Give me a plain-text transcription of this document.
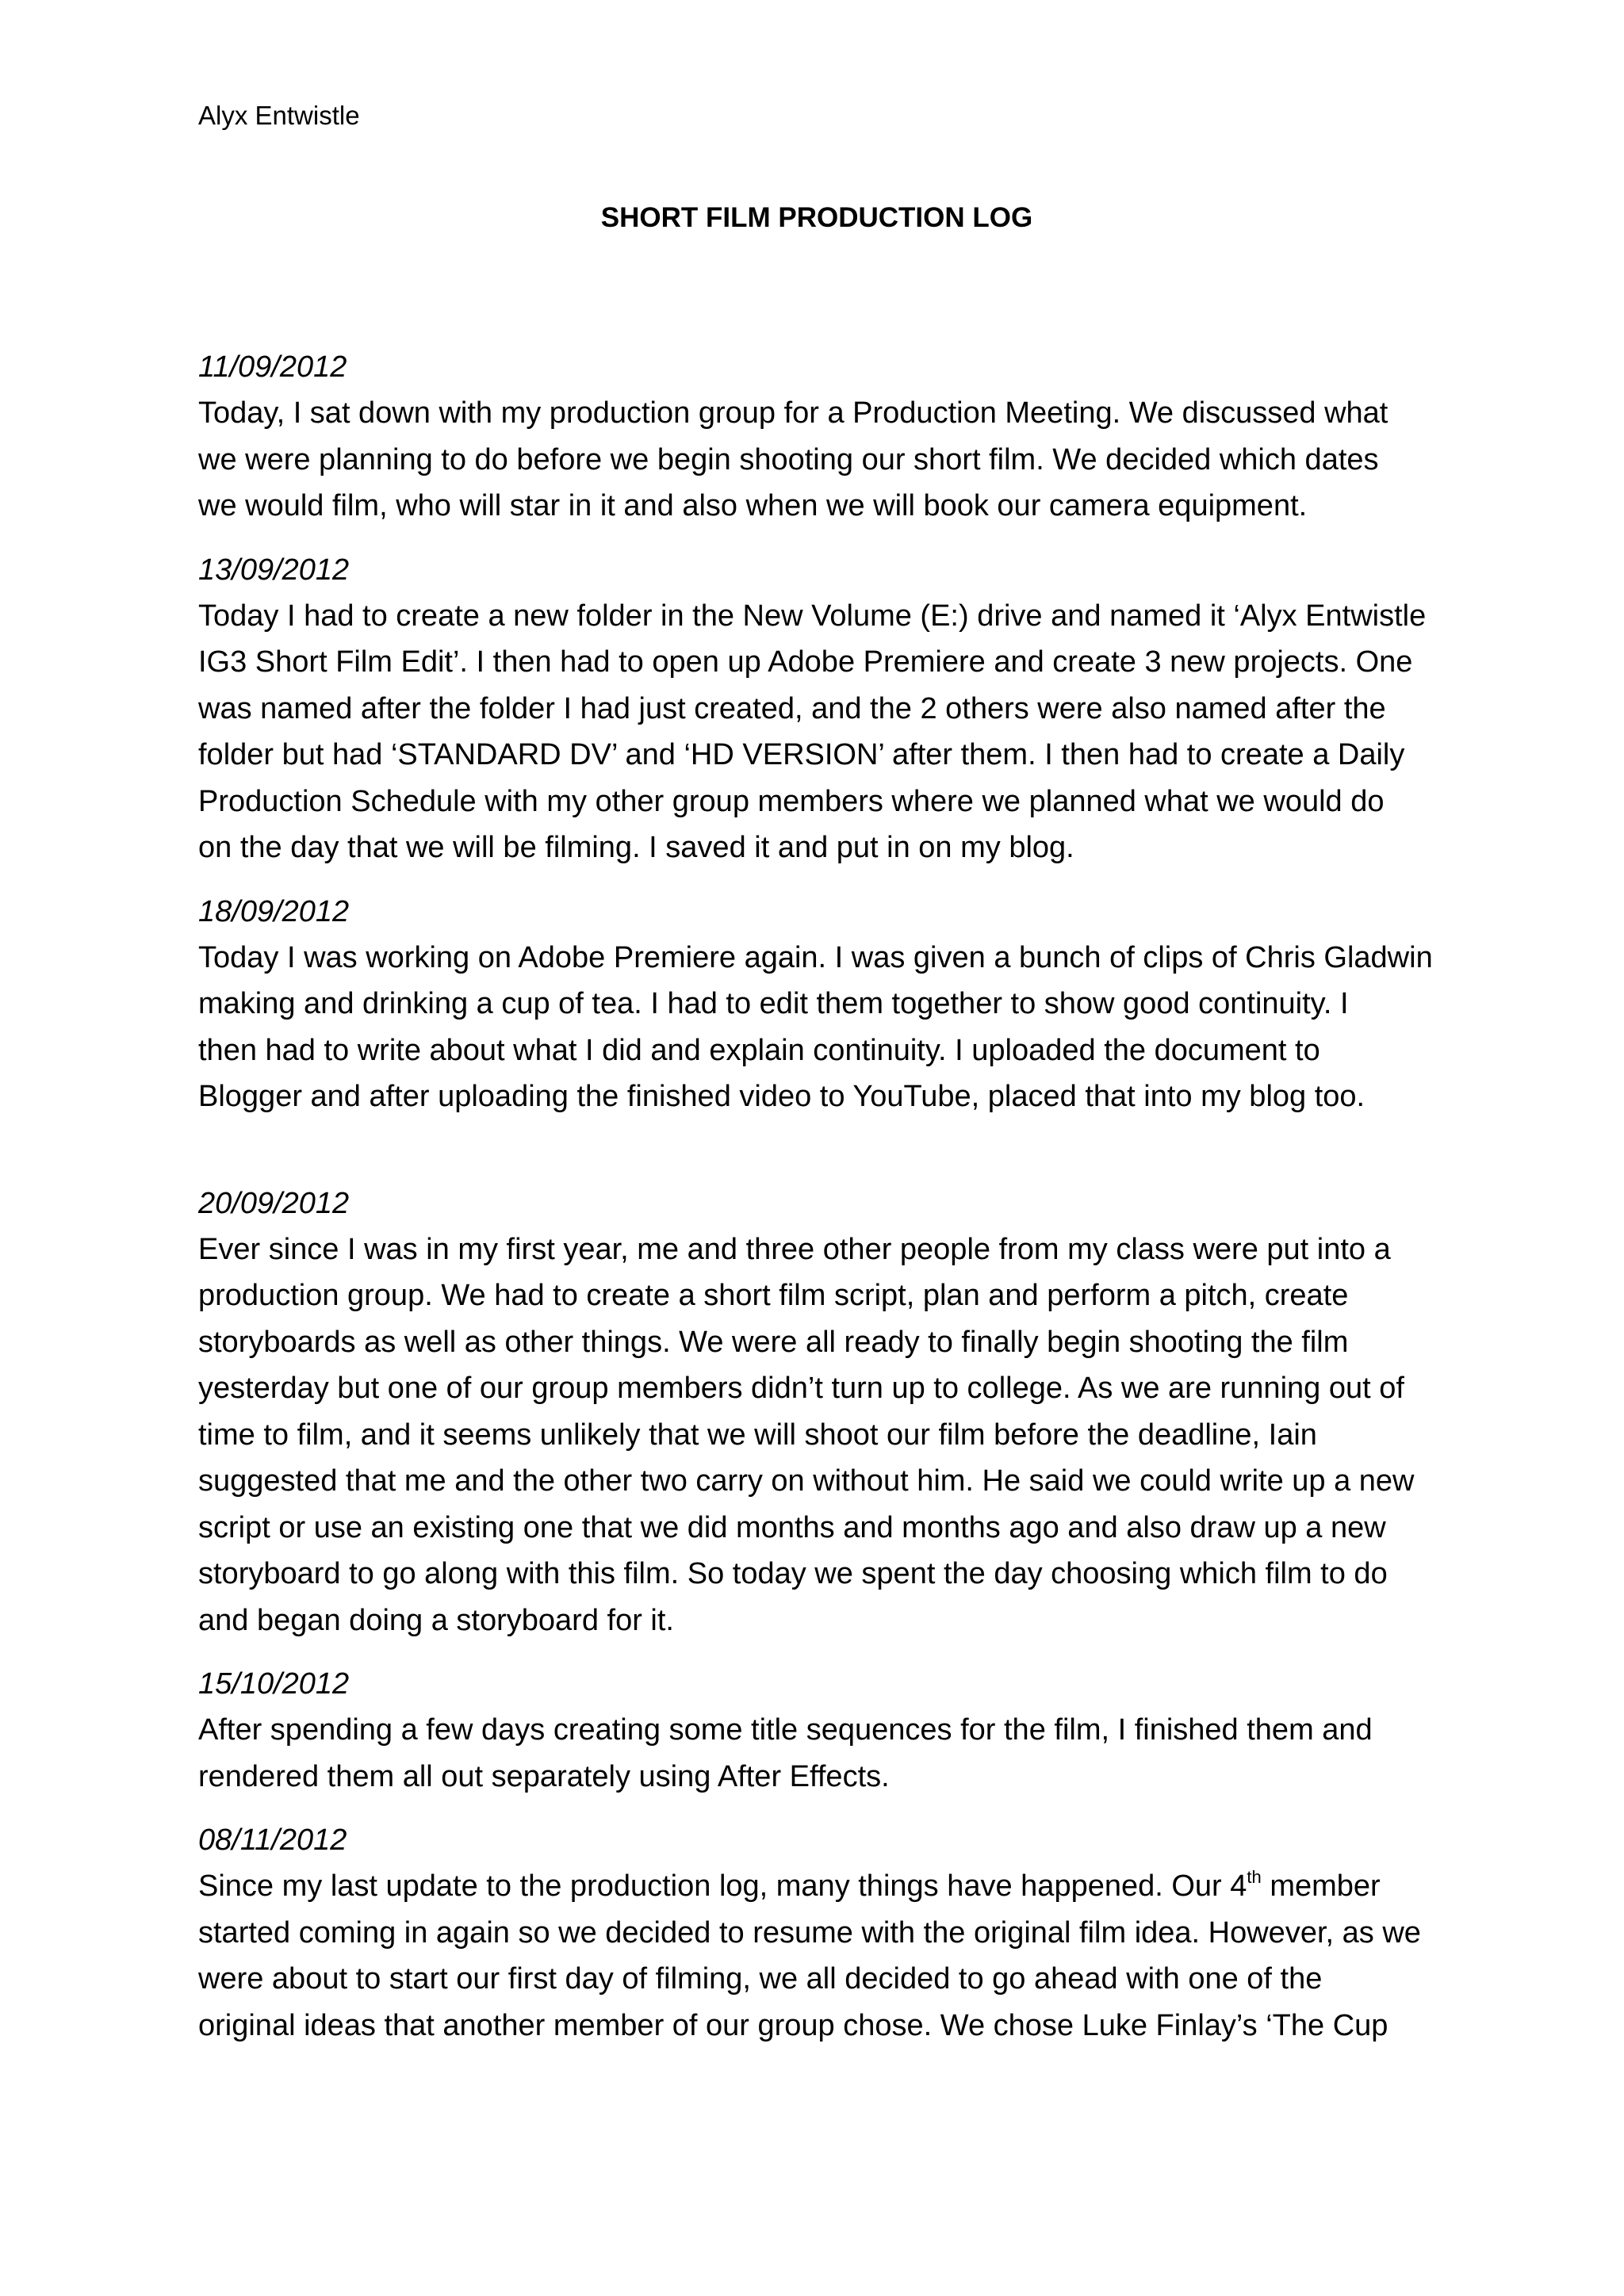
Alyx Entwistle

SHORT FILM PRODUCTION LOG

11/09/2012

Today, I sat down with my production group for a Production Meeting. We discussed what
we were planning to do before we begin shooting our short film. We decided which dates
we would film, who will star in it and also when we will book our camera equipment.

13/09/2012

Today I had to create a new folder in the New Volume (E:) drive and named it ‘Alyx Entwistle
IG3 Short Film Edit’. I then had to open up Adobe Premiere and create 3 new projects. One
was named after the folder I had just created, and the 2 others were also named after the
folder but had ‘STANDARD DV’ and ‘HD VERSION’ after them. I then had to create a Daily
Production Schedule with my other group members where we planned what we would do
on the day that we will be filming. I saved it and put in on my blog.

18/09/2012

Today I was working on Adobe Premiere again. I was given a bunch of clips of Chris Gladwin
making and drinking a cup of tea. I had to edit them together to show good continuity. I
then had to write about what I did and explain continuity. I uploaded the document to
Blogger and after uploading the finished video to YouTube, placed that into my blog too.

20/09/2012

Ever since I was in my first year, me and three other people from my class were put into a
production group. We had to create a short film script, plan and perform a pitch, create
storyboards as well as other things. We were all ready to finally begin shooting the film
yesterday but one of our group members didn’t turn up to college. As we are running out of
time to film, and it seems unlikely that we will shoot our film before the deadline, Iain
suggested that me and the other two carry on without him. He said we could write up a new
script or use an existing one that we did months and months ago and also draw up a new
storyboard to go along with this film. So today we spent the day choosing which film to do
and began doing a storyboard for it.

15/10/2012

After spending a few days creating some title sequences for the film, I finished them and
rendered them all out separately using After Effects.

08/11/2012

Since my last update to the production log, many things have happened. Our 4th member
started coming in again so we decided to resume with the original film idea. However, as we
were about to start our first day of filming, we all decided to go ahead with one of the
original ideas that another member of our group chose. We chose Luke Finlay’s ‘The Cup
